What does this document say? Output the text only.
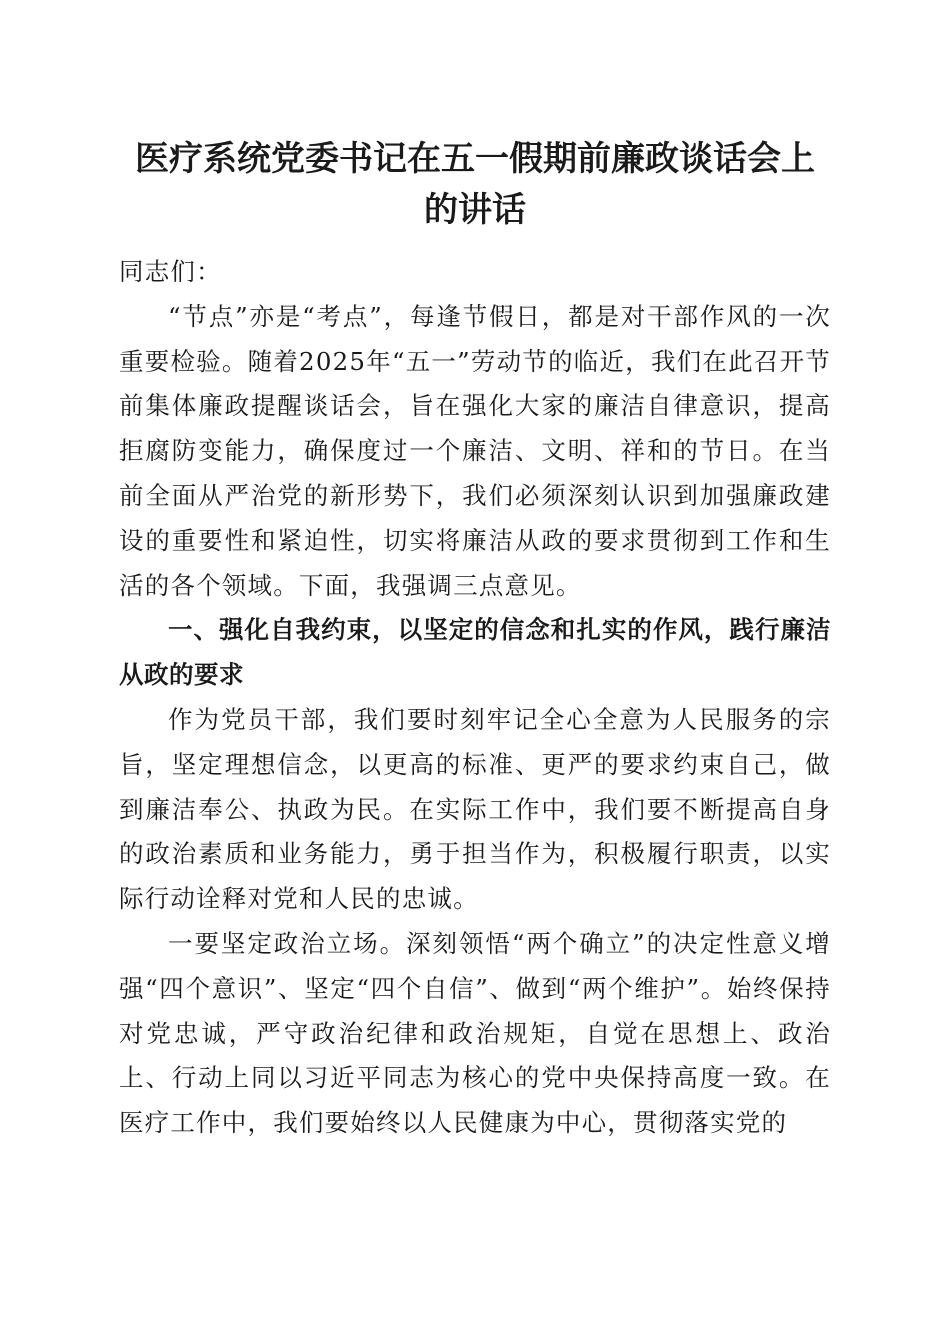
医疗系统党委书记在五一假期前廉政谈话会上
的讲话

同志们：

“节点”亦是“考点”，每逢节假日，都是对干部作风的一次重要检验。随着2025年“五一”劳动节的临近，我们在此召开节前集体廉政提醒谈话会，旨在强化大家的廉洁自律意识，提高拒腐防变能力，确保度过一个廉洁、文明、祥和的节日。在当前全面从严治党的新形势下，我们必须深刻认识到加强廉政建设的重要性和紧迫性，切实将廉洁从政的要求贯彻到工作和生活的各个领域。下面，我强调三点意见。

一、强化自我约束，以坚定的信念和扎实的作风，践行廉洁从政的要求

作为党员干部，我们要时刻牢记全心全意为人民服务的宗旨，坚定理想信念，以更高的标准、更严的要求约束自己，做到廉洁奉公、执政为民。在实际工作中，我们要不断提高自身的政治素质和业务能力，勇于担当作为，积极履行职责，以实际行动诠释对党和人民的忠诚。

一要坚定政治立场。深刻领悟“两个确立”的决定性意义增强“四个意识”、坚定“四个自信”、做到“两个维护”。始终保持对党忠诚，严守政治纪律和政治规矩，自觉在思想上、政治上、行动上同以习近平同志为核心的党中央保持高度一致。在医疗工作中，我们要始终以人民健康为中心，贯彻落实党的
